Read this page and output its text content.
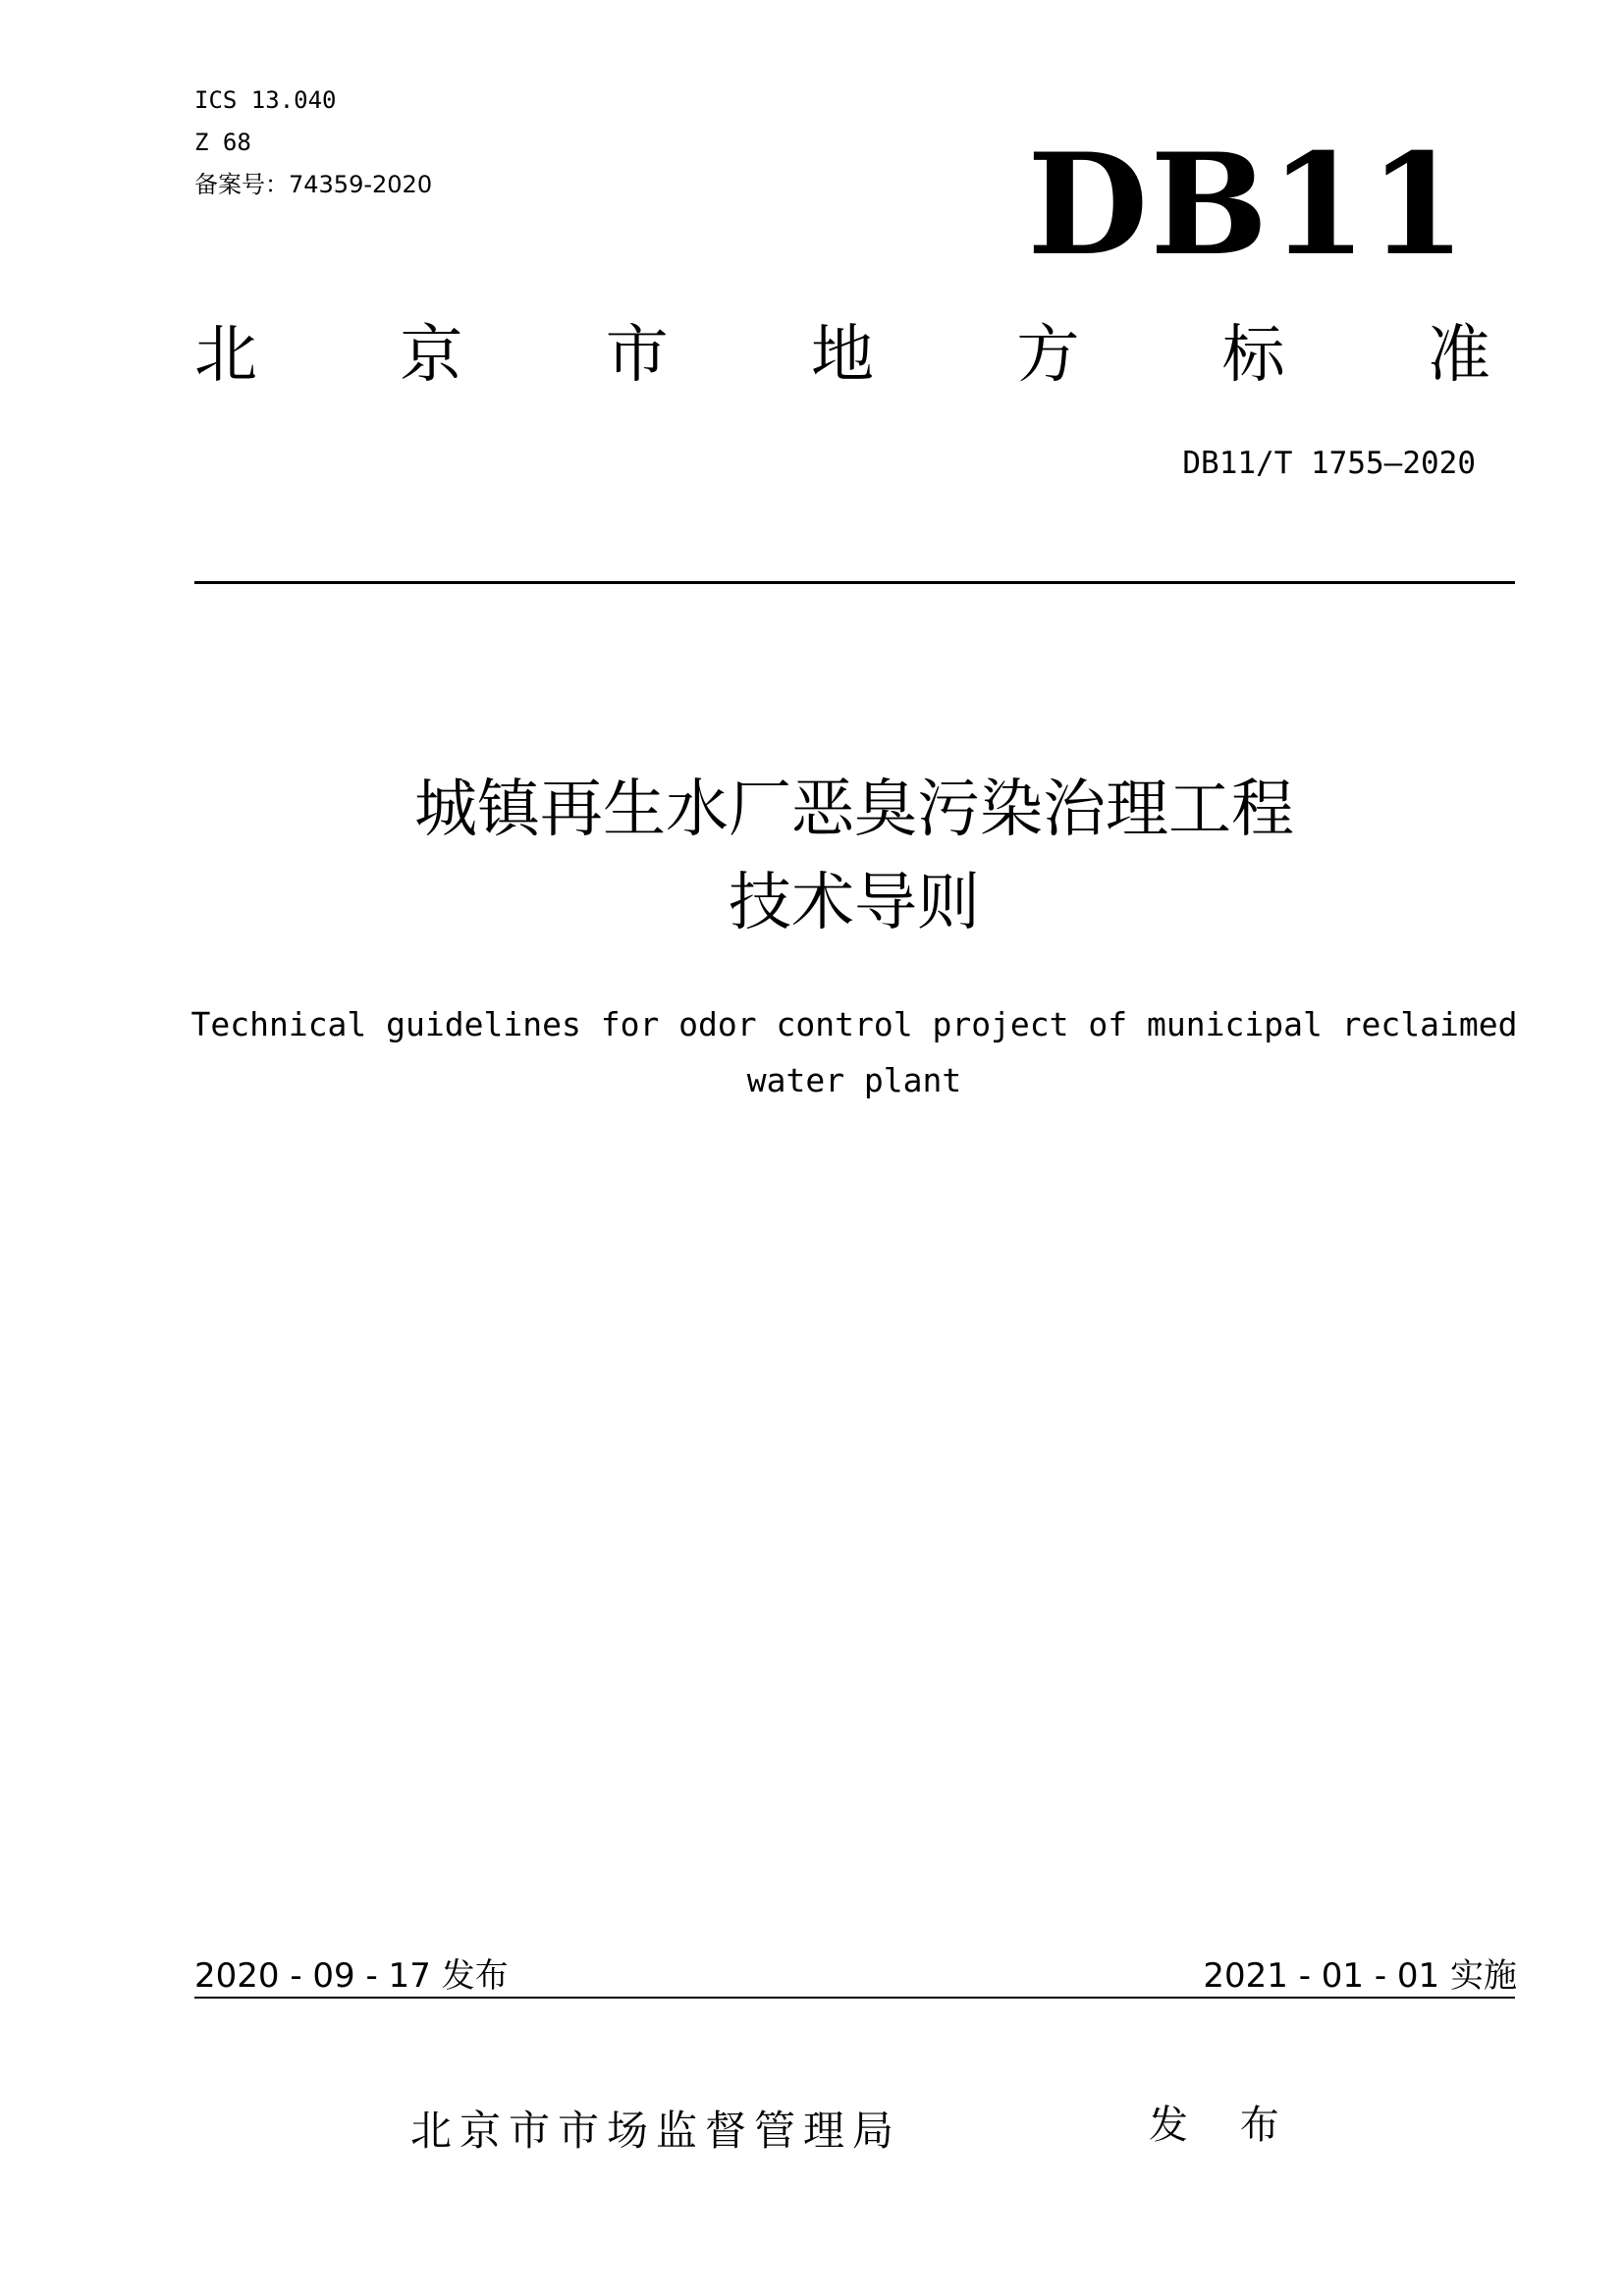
ICS 13.040
Z 68
备案号：74359-2020	DB11
北 京 市 地 方 标 准
DB11/T 1755—2020
城镇再生水厂恶臭污染治理工程
技术导则
Technical guidelines for odor control project of municipal reclaimed
water plant
2020 - 09 - 17 发布	2021 - 01 - 01 实施
北京市市场监督管理局	发 布
